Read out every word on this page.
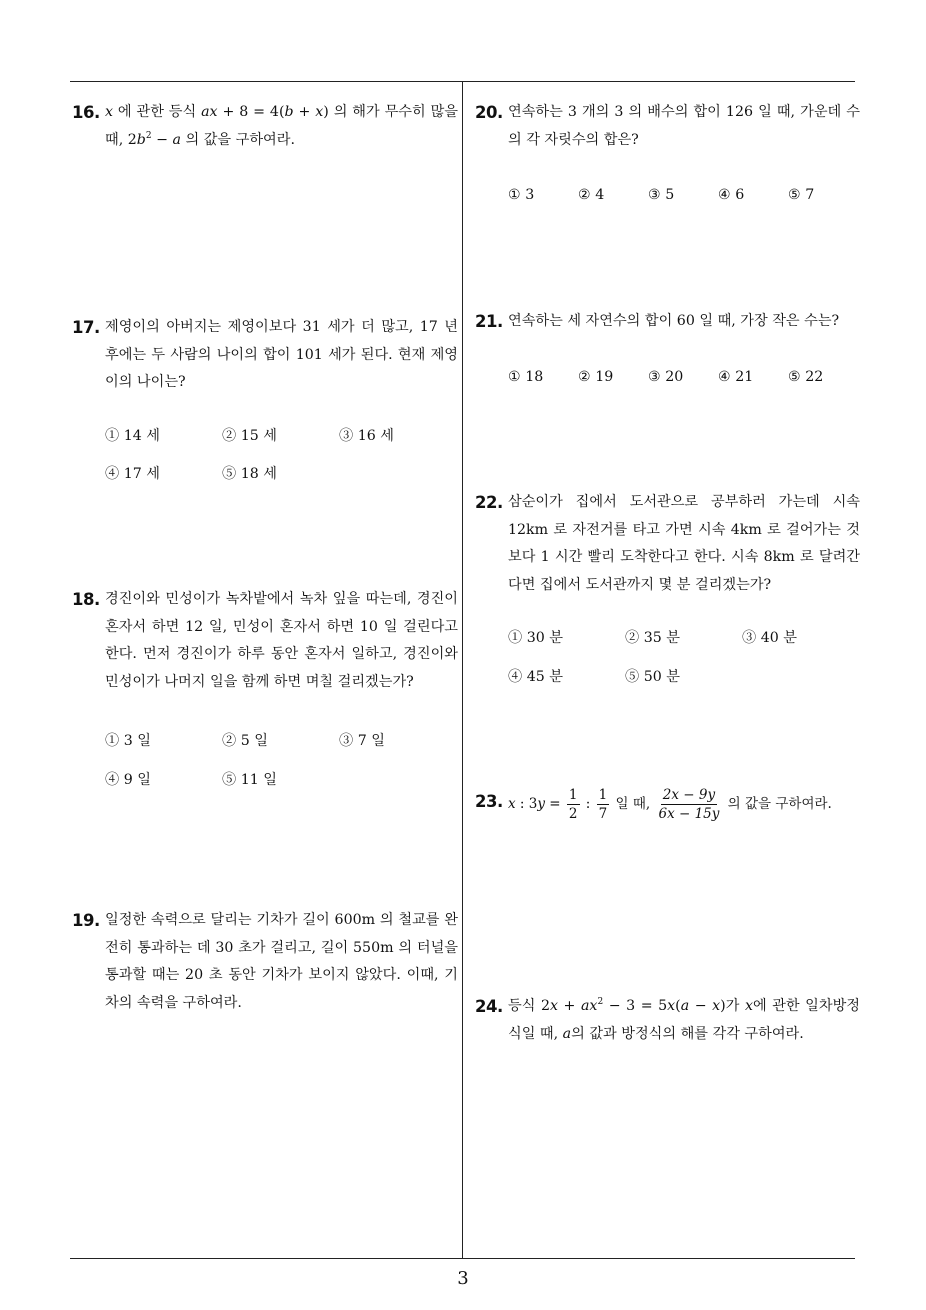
16. x 에 관한 등식 ax + 8 = 4(b + x) 의 해가 무수히 많을 때, $2b^2 - a$ 의 값을 구하여라.
17. 제영이의 아버지는 제영이보다 31 세가 더 많고, 17 년 후에는 두 사람의 나이의 합이 101 세가 된다. 현재 제영이의 나이는?
① 14 세	② 15 세	③ 16 세
④ 17 세	⑤ 18 세
18. 경진이와 민성이가 녹차밭에서 녹차 잎을 따는데, 경진이 혼자서 하면 12 일, 민성이 혼자서 하면 10 일 걸린다고 한다. 먼저 경진이가 하루 동안 혼자서 일하고, 경진이와 민성이가 나머지 일을 함께 하면 며칠 걸리겠는가?
① 3 일	② 5 일	③ 7 일
④ 9 일	⑤ 11 일
19. 일정한 속력으로 달리는 기차가 길이 600m 의 철교를 완전히 통과하는 데 30 초가 걸리고, 길이 550m 의 터널을 통과할 때는 20 초 동안 기차가 보이지 않았다. 이때, 기차의 속력을 구하여라.
20. 연속하는 3 개의 3 의 배수의 합이 126 일 때, 가운데 수의 각 자릿수의 합은?
① 3	② 4	③ 5	④ 6	⑤ 7
21. 연속하는 세 자연수의 합이 60 일 때, 가장 작은 수는?
① 18	② 19	③ 20	④ 21	⑤ 22
22. 삼순이가 집에서 도서관으로 공부하러 가는데 시속 12km 로 자전거를 타고 가면 시속 4km 로 걸어가는 것보다 1 시간 빨리 도착한다고 한다. 시속 8km 로 달려간다면 집에서 도서관까지 몇 분 걸리겠는가?
① 30 분	② 35 분	③ 40 분
④ 45 분	⑤ 50 분
23. x : $3y = \frac{1}{2}$ : $\frac{1}{7}$ 일 때, $\frac{2x - 9y}{6x - 15y}$ 의 값을 구하여라.
24. 등식 $2x + ax^2 - 3 = 5x(a - x)$가 x에 관한 일차방정식일 때, a의 값과 방정식의 해를 각각 구하여라.
3
